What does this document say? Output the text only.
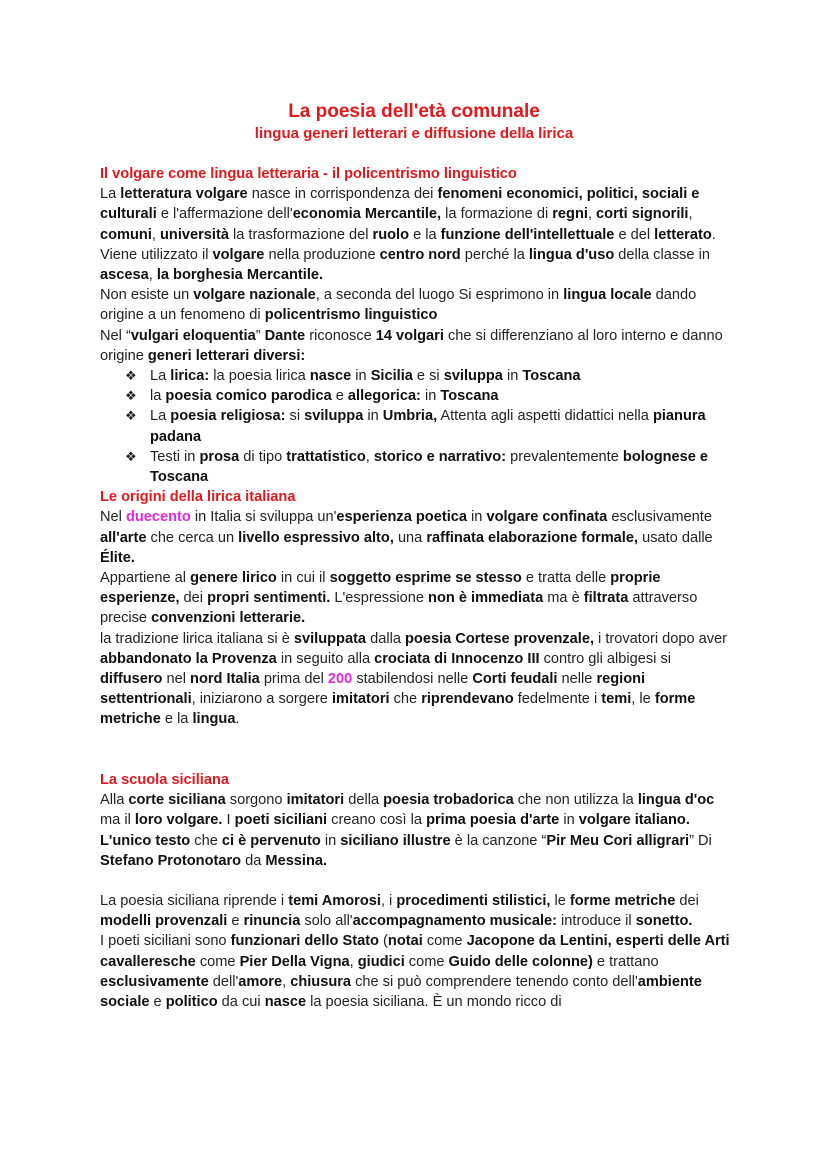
La poesia dell'età comunale
lingua generi letterari e diffusione della lirica

Il volgare come lingua letteraria - il policentrismo linguistico

La letteratura volgare nasce in corrispondenza dei fenomeni economici, politici, sociali e culturali e l'affermazione dell'economia Mercantile, la formazione di regni, corti signorili, comuni, università la trasformazione del ruolo e la funzione dell'intellettuale e del letterato.

Viene utilizzato il volgare nella produzione centro nord perché la lingua d'uso della classe in ascesa, la borghesia Mercantile.

Non esiste un volgare nazionale, a seconda del luogo Si esprimono in lingua locale dando origine a un fenomeno di policentrismo linguistico

Nel “vulgari eloquentia” Dante riconosce 14 volgari che si differenziano al loro interno e danno origine generi letterari diversi:

❖ La lirica: la poesia lirica nasce in Sicilia e si sviluppa in Toscana
❖ la poesia comico parodica e allegorica: in Toscana
❖ La poesia religiosa: si sviluppa in Umbria, Attenta agli aspetti didattici nella pianura padana
❖ Testi in prosa di tipo trattatistico, storico e narrativo: prevalentemente bolognese e Toscana

Le origini della lirica italiana

Nel duecento in Italia si sviluppa un'esperienza poetica in volgare confinata esclusivamente all'arte che cerca un livello espressivo alto, una raffinata elaborazione formale, usato dalle Élite.

Appartiene al genere lirico in cui il soggetto esprime se stesso e tratta delle proprie esperienze, dei propri sentimenti. L'espressione non è immediata ma è filtrata attraverso precise convenzioni letterarie.

la tradizione lirica italiana si è sviluppata dalla poesia Cortese provenzale, i trovatori dopo aver abbandonato la Provenza in seguito alla crociata di Innocenzo III contro gli albigesi si diffusero nel nord Italia prima del 200 stabilendosi nelle Corti feudali nelle regioni settentrionali, iniziarono a sorgere imitatori che riprendevano fedelmente i temi, le forme metriche e la lingua.

La scuola siciliana

Alla corte siciliana sorgono imitatori della poesia trobadorica che non utilizza la lingua d'oc ma il loro volgare. I poeti siciliani creano così la prima poesia d'arte in volgare italiano.

L'unico testo che ci è pervenuto in siciliano illustre è la canzone “Pir Meu Cori alligrari” Di Stefano Protonotaro da Messina.

La poesia siciliana riprende i temi Amorosi, i procedimenti stilistici, le forme metriche dei modelli provenzali e rinuncia solo all'accompagnamento musicale: introduce il sonetto.

I poeti siciliani sono funzionari dello Stato (notai come Jacopone da Lentini, esperti delle Arti cavalleresche come Pier Della Vigna, giudici come Guido delle colonne) e trattano esclusivamente dell'amore, chiusura che si può comprendere tenendo conto dell'ambiente sociale e politico da cui nasce la poesia siciliana. È un mondo ricco di
